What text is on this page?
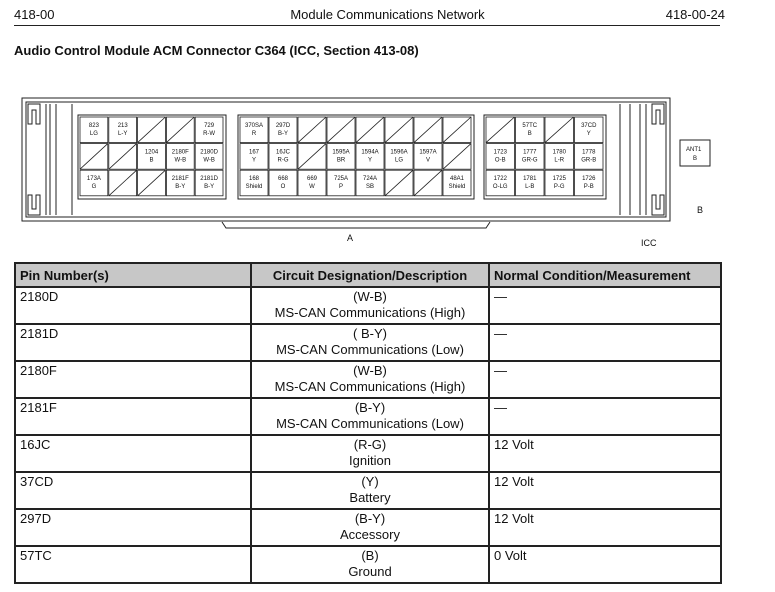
418-00	Module Communications Network	418-00-24
Audio Control Module ACM Connector C364 (ICC, Section 413-08)
823
LG
213
L-Y
729
R-W
1204
B
2180F
W-B
2180D
W-B
173A
G
2181F
B-Y
2181D
B-Y
370SA
R
297D
B-Y
167
Y
16JC
R-G
1595A
BR
1594A
Y
1596A
LG
1597A
V
168
Shield
668
O
669
W
725A
P
724A
SB
48A1
Shield
57TC
B
37CD
Y
1723
O-B
1777
GR-G
1780
L-R
1778
GR-B
1722
O-LG
1781
L-B
1725
P-G
1726
P-B
A
B
ICC
ANT1
B
Pin Number(s)	Circuit Designation/Description	Normal Condition/Measurement
2180D	(W-B)
MS-CAN Communications (High)	—
2181D	( B-Y)
MS-CAN Communications (Low)	—
2180F	(W-B)
MS-CAN Communications (High)	—
2181F	(B-Y)
MS-CAN Communications (Low)	—
16JC	(R-G)
Ignition	12 Volt
37CD	(Y)
Battery	12 Volt
297D	(B-Y)
Accessory	12 Volt
57TC	(B)
Ground	0 Volt
